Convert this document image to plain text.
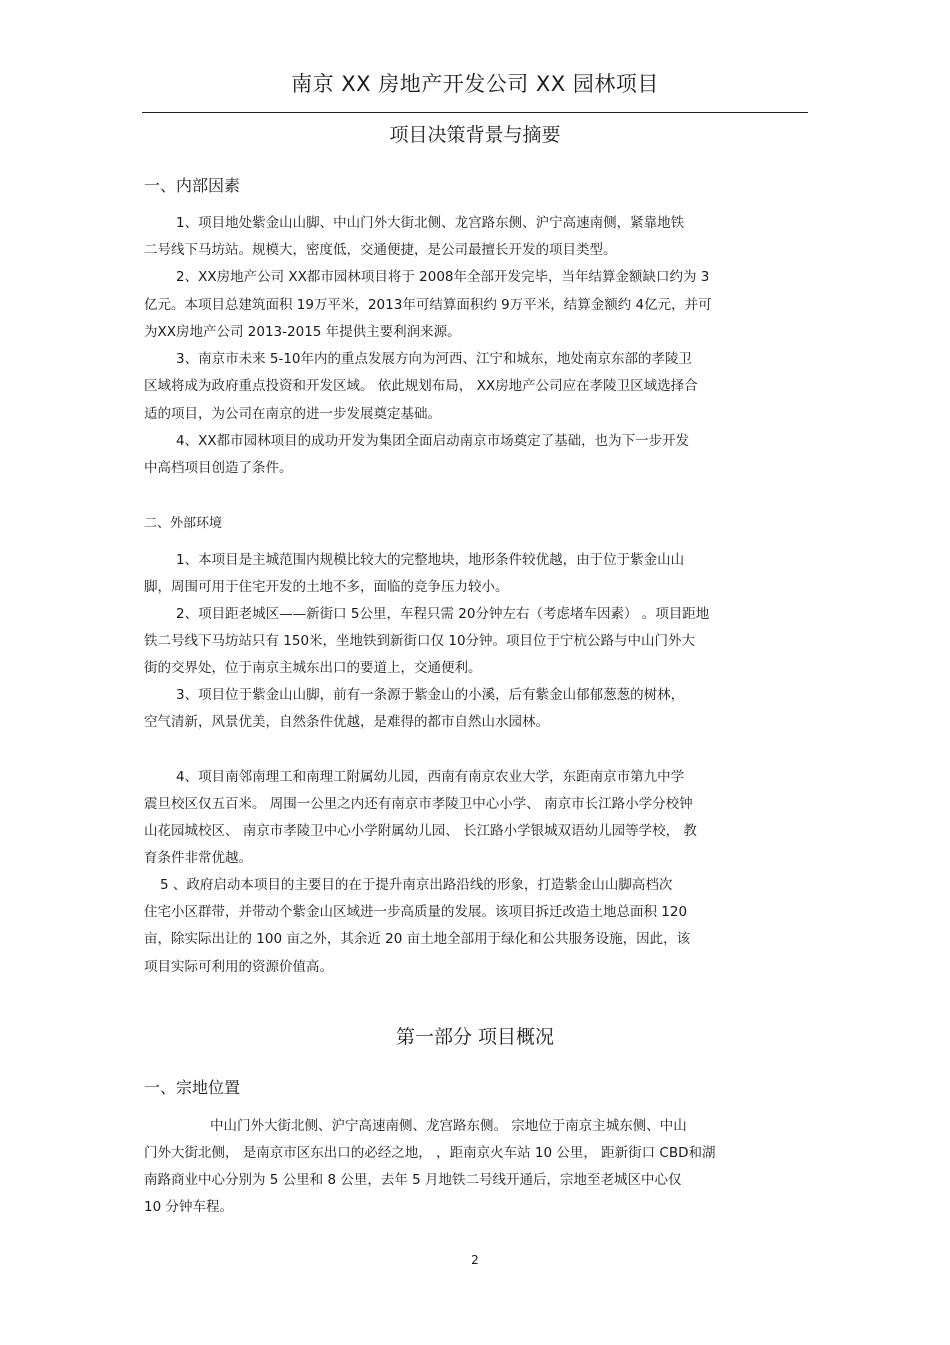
南京 XX 房地产开发公司 XX 园林项目
项目决策背景与摘要
一、内部因素
1、项目地处紫金山山脚、中山门外大街北侧、龙宫路东侧、沪宁高速南侧，紧靠地铁
二号线下马坊站。规模大，密度低，交通便捷，是公司最擅长开发的项目类型。
2、XX房地产公司 XX都市园林项目将于 2008年全部开发完毕，当年结算金额缺口约为 3
亿元。本项目总建筑面积 19万平米，2013年可结算面积约 9万平米，结算金额约 4亿元，并可
为XX房地产公司 2013-2015 年提供主要利润来源。
3、南京市未来 5-10年内的重点发展方向为河西、江宁和城东，地处南京东部的孝陵卫
区域将成为政府重点投资和开发区域。 依此规划布局， XX房地产公司应在孝陵卫区域选择合
适的项目，为公司在南京的进一步发展奠定基础。
4、XX都市园林项目的成功开发为集团全面启动南京市场奠定了基础，也为下一步开发
中高档项目创造了条件。
二、外部环境
1、本项目是主城范围内规模比较大的完整地块，地形条件较优越，由于位于紫金山山
脚，周围可用于住宅开发的土地不多，面临的竞争压力较小。
2、项目距老城区——新街口 5公里，车程只需 20分钟左右（考虑堵车因素） 。项目距地
铁二号线下马坊站只有 150米，坐地铁到新街口仅 10分钟。项目位于宁杭公路与中山门外大
街的交界处，位于南京主城东出口的要道上，交通便利。
3、项目位于紫金山山脚，前有一条源于紫金山的小溪，后有紫金山郁郁葱葱的树林，
空气清新，风景优美，自然条件优越，是难得的都市自然山水园林。
4、项目南邻南理工和南理工附属幼儿园，西南有南京农业大学，东距南京市第九中学
震旦校区仅五百米。 周围一公里之内还有南京市孝陵卫中心小学、 南京市长江路小学分校钟
山花园城校区、 南京市孝陵卫中心小学附属幼儿园、 长江路小学银城双语幼儿园等学校， 教
育条件非常优越。
5 、政府启动本项目的主要目的在于提升南京出路沿线的形象，打造紫金山山脚高档次
住宅小区群带，并带动个紫金山区域进一步高质量的发展。该项目拆迁改造土地总面积 120
亩，除实际出让的 100 亩之外，其余近 20 亩土地全部用于绿化和公共服务设施，因此，该
项目实际可利用的资源价值高。
第一部分 项目概况
一、宗地位置
中山门外大街北侧、沪宁高速南侧、龙宫路东侧。 宗地位于南京主城东侧、中山
门外大街北侧， 是南京市区东出口的必经之地， ，距南京火车站 10 公里， 距新街口 CBD和湖
南路商业中心分别为 5 公里和 8 公里，去年 5 月地铁二号线开通后，宗地至老城区中心仅
10 分钟车程。
2
